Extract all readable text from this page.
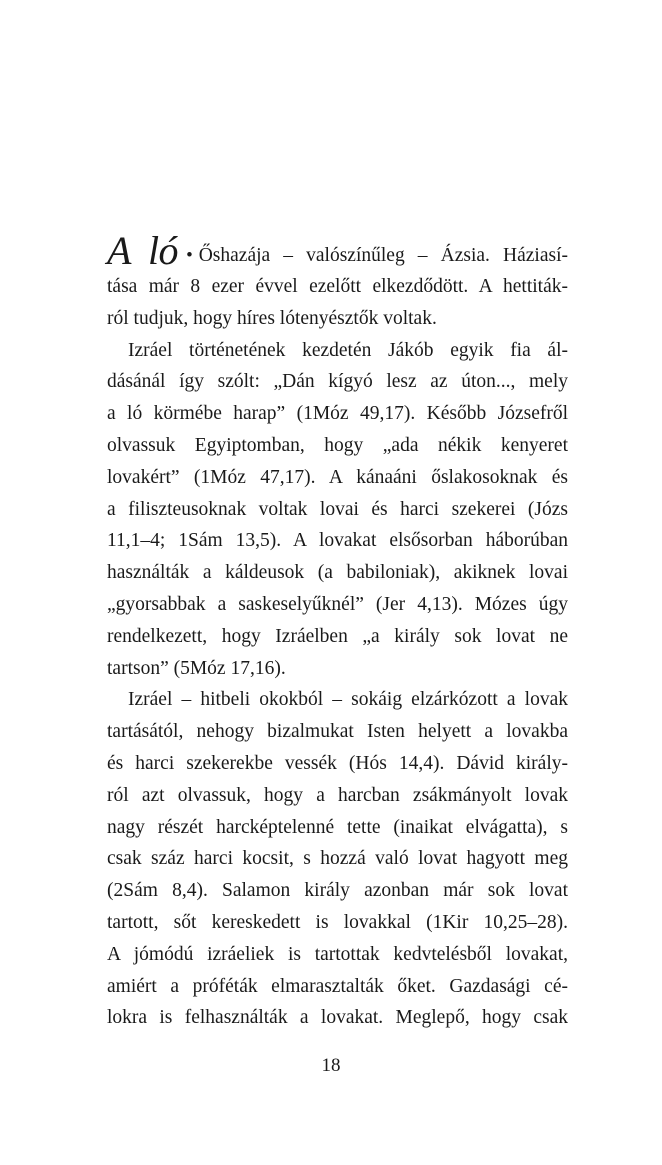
A ló • Őshazája – valószínűleg – Ázsia. Háziasí-
tása már 8 ezer évvel ezelőtt elkezdődött. A hettiták-
ról tudjuk, hogy híres lótenyésztők voltak.
Izráel történetének kezdetén Jákób egyik fia ál-
dásánál így szólt: „Dán kígyó lesz az úton..., mely
a ló körmébe harap” (1Móz 49,17). Később Józsefről
olvassuk Egyiptomban, hogy „ada nékik kenyeret
lovakért” (1Móz 47,17). A kánaáni őslakosoknak és
a filiszteusoknak voltak lovai és harci szekerei (Józs
11,1–4; 1Sám 13,5). A lovakat elsősorban háborúban
használták a káldeusok (a babiloniak), akiknek lovai
„gyorsabbak a saskeselyűknél” (Jer 4,13). Mózes úgy
rendelkezett, hogy Izráelben „a király sok lovat ne
tartson” (5Móz 17,16).
Izráel – hitbeli okokból – sokáig elzárkózott a lovak
tartásától, nehogy bizalmukat Isten helyett a lovakba
és harci szekerekbe vessék (Hós 14,4). Dávid király-
ról azt olvassuk, hogy a harcban zsákmányolt lovak
nagy részét harcképtelenné tette (inaikat elvágatta), s
csak száz harci kocsit, s hozzá való lovat hagyott meg
(2Sám 8,4). Salamon király azonban már sok lovat
tartott, sőt kereskedett is lovakkal (1Kir 10,25–28).
A jómódú izráeliek is tartottak kedvtelésből lovakat,
amiért a próféták elmarasztalták őket. Gazdasági cé-
lokra is felhasználták a lovakat. Meglepő, hogy csak
18
